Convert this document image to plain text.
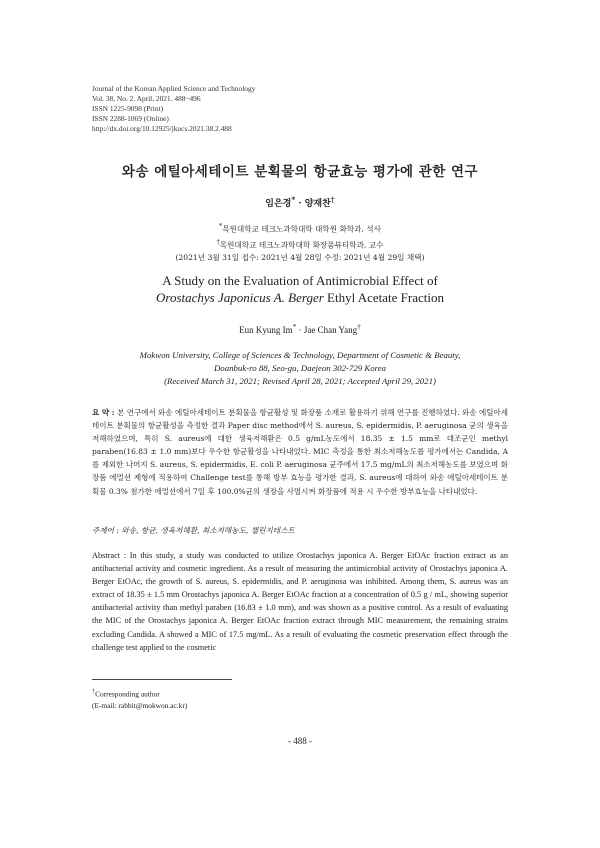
Journal of the Korean Applied Science and Technology
Vol. 38, No. 2. April, 2021. 488~496
ISSN 1225-9098 (Print)
ISSN 2288-1069 (Online)
http://dx.doi.org/10.12925/jkocs.2021.38.2.488
와송 에틸아세테이트 분획물의 항균효능 평가에 관한 연구
임은경* · 양재찬†
*목원대학교 테크노과학대학 대학원 화학과, 석사
†목원대학교 테크노과학대학 화장품뷰티학과, 교수
(2021년 3월 31일 접수: 2021년 4월 28일 수정: 2021년 4월 29일 채택)
A Study on the Evaluation of Antimicrobial Effect of
Orostachys Japonicus A. Berger Ethyl Acetate Fraction
Eun Kyung Im* · Jae Chan Yang†
Mokwon University, College of Sciences & Technology, Department of Cosmetic & Beauty,
Doanbuk-ro 88, Seo-gu, Daejeon 302-729 Korea
(Received March 31, 2021; Revised April 28, 2021; Accepted April 29, 2021)
요 약 : 본 연구에서 와송 에틸아세테이트 분획물을 항균활성 및 화장품 소재로 활용하기 위해 연구를 진행하였다. 와송 에틸아세테이트 분획물의 항균활성을 측정한 결과 Paper disc method에서 S. aureus, S. epidermidis, P. aeruginosa 균의 생육을 저해하였으며, 특히 S. aureus에 대한 생육저해환은 0.5 g/mL농도에서 18.35 ± 1.5 mm로 대조군인 methyl paraben(16.83 ± 1.0 mm)보다 우수한 항균활성을 나타내었다. MIC 측정을 통한 최소저해농도를 평가에서는 Candida, A를 제외한 나머지 S. aureus, S. epidermidis, E. coli P. aeruginosa 균주에서 17.5 mg/mL의 최소저해농도를 보였으며 화장품 에멀션 제형에 적용하여 Challenge test를 통해 방부 효능을 평가한 결과, S. aureus에 대하여 와송 에틸아세테이트 분획물 0.3% 첨가한 에멀션에서 7일 후 100.0%균의 생장을 사멸시켜 화장품에 적용 시 우수한 방부효능을 나타내었다.
주제어 : 와송, 항균, 생육저해환, 최소저해농도, 챌린지테스트
Abstract : In this study, a study was conducted to utilize Orostachys japonica A. Berger EtOAc fraction extract as an antibacterial activity and cosmetic ingredient. As a result of measuring the antimicrobial activity of Orostachys japonica A. Berger EtOAc, the growth of S. aureus, S. epidermidis, and P. aeruginosa was inhibited. Among them, S. aureus was an extract of 18.35 ± 1.5 mm Orostachys japonica A. Berger EtOAc fraction at a concentration of 0.5 g / mL, showing superior antibacterial activity than methyl paraben (16.83 ± 1.0 mm), and was shown as a positive control. As a result of evaluating the MIC of the Orostachys japonica A. Berger EtOAc fraction extract through MIC measurement, the remaining strains excluding Candida. A showed a MIC of 17.5 mg/mL. As a result of evaluating the cosmetic preservation effect through the challenge test applied to the cosmetic
†Corresponding author
(E-mail: rabbit@mokwon.ac.kr)
- 488 -
